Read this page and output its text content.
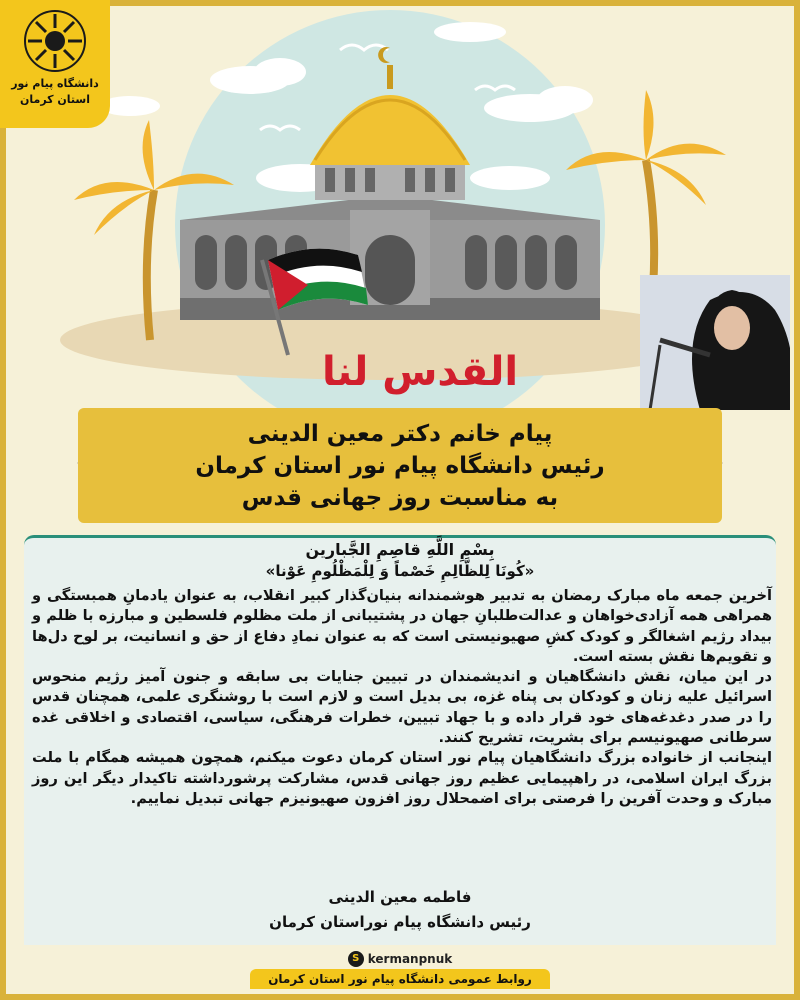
القدس لنا
دانشگاه پیام نور
استان کرمان
پیام خانم دکتر معین الدینی
رئیس دانشگاه پیام نور استان کرمان
به مناسبت روز جهانی قدس
بِسْمِ اللَّهِ قاصِمِ الجَّبارین
«کُونَا لِلظَّالِمِ خَصْماً وَ لِلْمَظْلُومِ عَوْنا»

آخرین جمعه ماه مبارک رمضان به تدبیر هوشمندانه بنیان‌گذار کبیر انقلاب، به عنوان یادمانِ همبستگی و همراهی همه آزادی‌خواهان و عدالت‌طلبانِ جهان در پشتیبانی از ملت مظلوم فلسطین و مبارزه با ظلم و بیداد رژیم اشغالگر و کودک کشِ صهیونیستی است که به عنوان نمادِ دفاع از حق و انسانیت، بر لوح دل‌ها و تقویم‌ها نقش بسته است.

در این میان، نقش دانشگاهیان و اندیشمندان در تبیین جنایات بی سابقه و جنون آمیز رژیم منحوس اسرائیل علیه زنان و کودکان بی پناه غزه، بی بدیل است و لازم است با روشنگری علمی، همچنان قدس را در صدر دغدغه‌های خود قرار داده و با جهاد تبیین، خطرات فرهنگی، سیاسی، اقتصادی و اخلاقی غده سرطانی صهیونیسم برای بشریت، تشریح کنند.

اینجانب از خانواده بزرگ دانشگاهیان پیام نور استان کرمان دعوت میکنم، همچون همیشه همگام با ملت بزرگ ایران اسلامی، در راهپیمایی عظیم روز جهانی قدس، مشارکت پرشورداشته تاکیدار دیگر این روز مبارک و وحدت آفرین را فرصتی برای اضمحلال روز افزون صهیونیزم جهانی تبدیل نماییم.

فاطمه معین الدینی
رئیس دانشگاه پیام نوراستان کرمان
S kermanpnuk
روابط عمومی دانشگاه پیام نور استان کرمان
